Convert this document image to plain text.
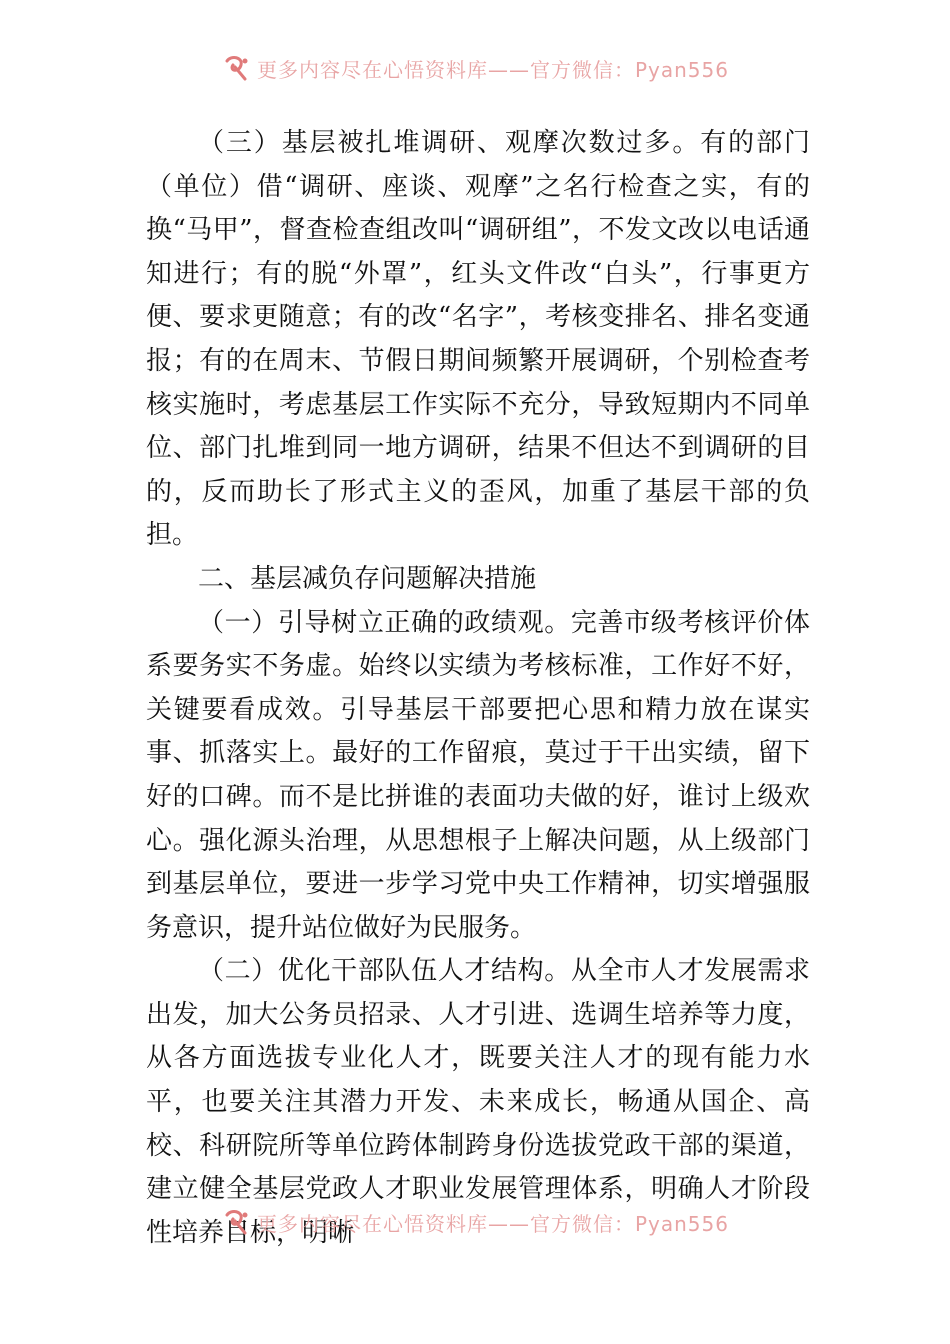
更多内容尽在心悟资料库——官方微信：Pyan556

（三）基层被扎堆调研、观摩次数过多。有的部门（单位）借“调研、座谈、观摩”之名行检查之实，有的换“马甲”，督查检查组改叫“调研组”，不发文改以电话通知进行；有的脱“外罩”，红头文件改“白头”，行事更方便、要求更随意；有的改“名字”，考核变排名、排名变通报；有的在周末、节假日期间频繁开展调研，个别检查考核实施时，考虑基层工作实际不充分，导致短期内不同单位、部门扎堆到同一地方调研，结果不但达不到调研的目的，反而助长了形式主义的歪风，加重了基层干部的负担。

二、基层减负存问题解决措施

（一）引导树立正确的政绩观。完善市级考核评价体系要务实不务虚。始终以实绩为考核标准，工作好不好，关键要看成效。引导基层干部要把心思和精力放在谋实事、抓落实上。最好的工作留痕，莫过于干出实绩，留下好的口碑。而不是比拼谁的表面功夫做的好，谁讨上级欢心。强化源头治理，从思想根子上解决问题，从上级部门到基层单位，要进一步学习党中央工作精神，切实增强服务意识，提升站位做好为民服务。

（二）优化干部队伍人才结构。从全市人才发展需求出发，加大公务员招录、人才引进、选调生培养等力度，从各方面选拔专业化人才，既要关注人才的现有能力水平，也要关注其潜力开发、未来成长，畅通从国企、高校、科研院所等单位跨体制跨身份选拔党政干部的渠道，建立健全基层党政人才职业发展管理体系，明确人才阶段性培养目标，明晰

更多内容尽在心悟资料库——官方微信：Pyan556
